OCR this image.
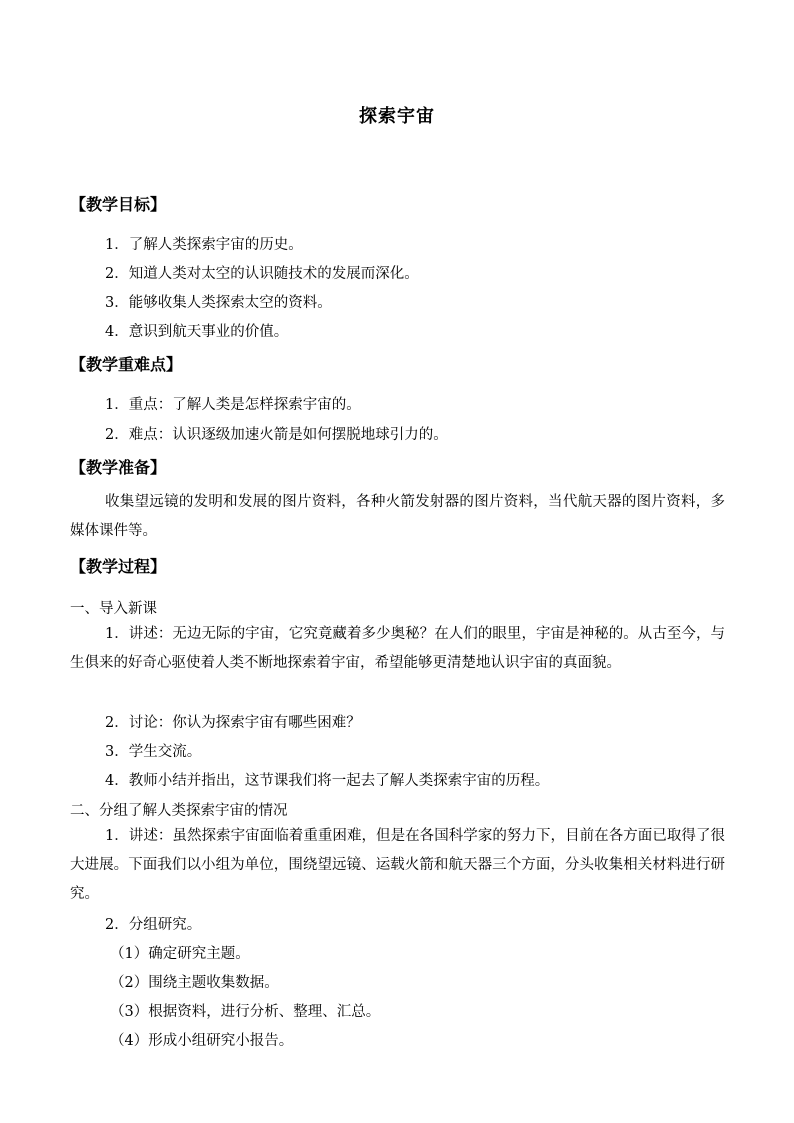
探索宇宙
【教学目标】
1．了解人类探索宇宙的历史。
2．知道人类对太空的认识随技术的发展而深化。
3．能够收集人类探索太空的资料。
4．意识到航天事业的价值。
【教学重难点】
1．重点：了解人类是怎样探索宇宙的。
2．难点：认识逐级加速火箭是如何摆脱地球引力的。
【教学准备】
收集望远镜的发明和发展的图片资料，各种火箭发射器的图片资料，当代航天器的图片资料，多媒体课件等。
【教学过程】
一、导入新课
1．讲述：无边无际的宇宙，它究竟藏着多少奥秘？在人们的眼里，宇宙是神秘的。从古至今，与生俱来的好奇心驱使着人类不断地探索着宇宙，希望能够更清楚地认识宇宙的真面貌。
2．讨论：你认为探索宇宙有哪些困难？
3．学生交流。
4．教师小结并指出，这节课我们将一起去了解人类探索宇宙的历程。
二、分组了解人类探索宇宙的情况
1．讲述：虽然探索宇宙面临着重重困难，但是在各国科学家的努力下，目前在各方面已取得了很大进展。下面我们以小组为单位，围绕望远镜、运载火箭和航天器三个方面，分头收集相关材料进行研究。
2．分组研究。
（1）确定研究主题。
（2）围绕主题收集数据。
（3）根据资料，进行分析、整理、汇总。
（4）形成小组研究小报告。
